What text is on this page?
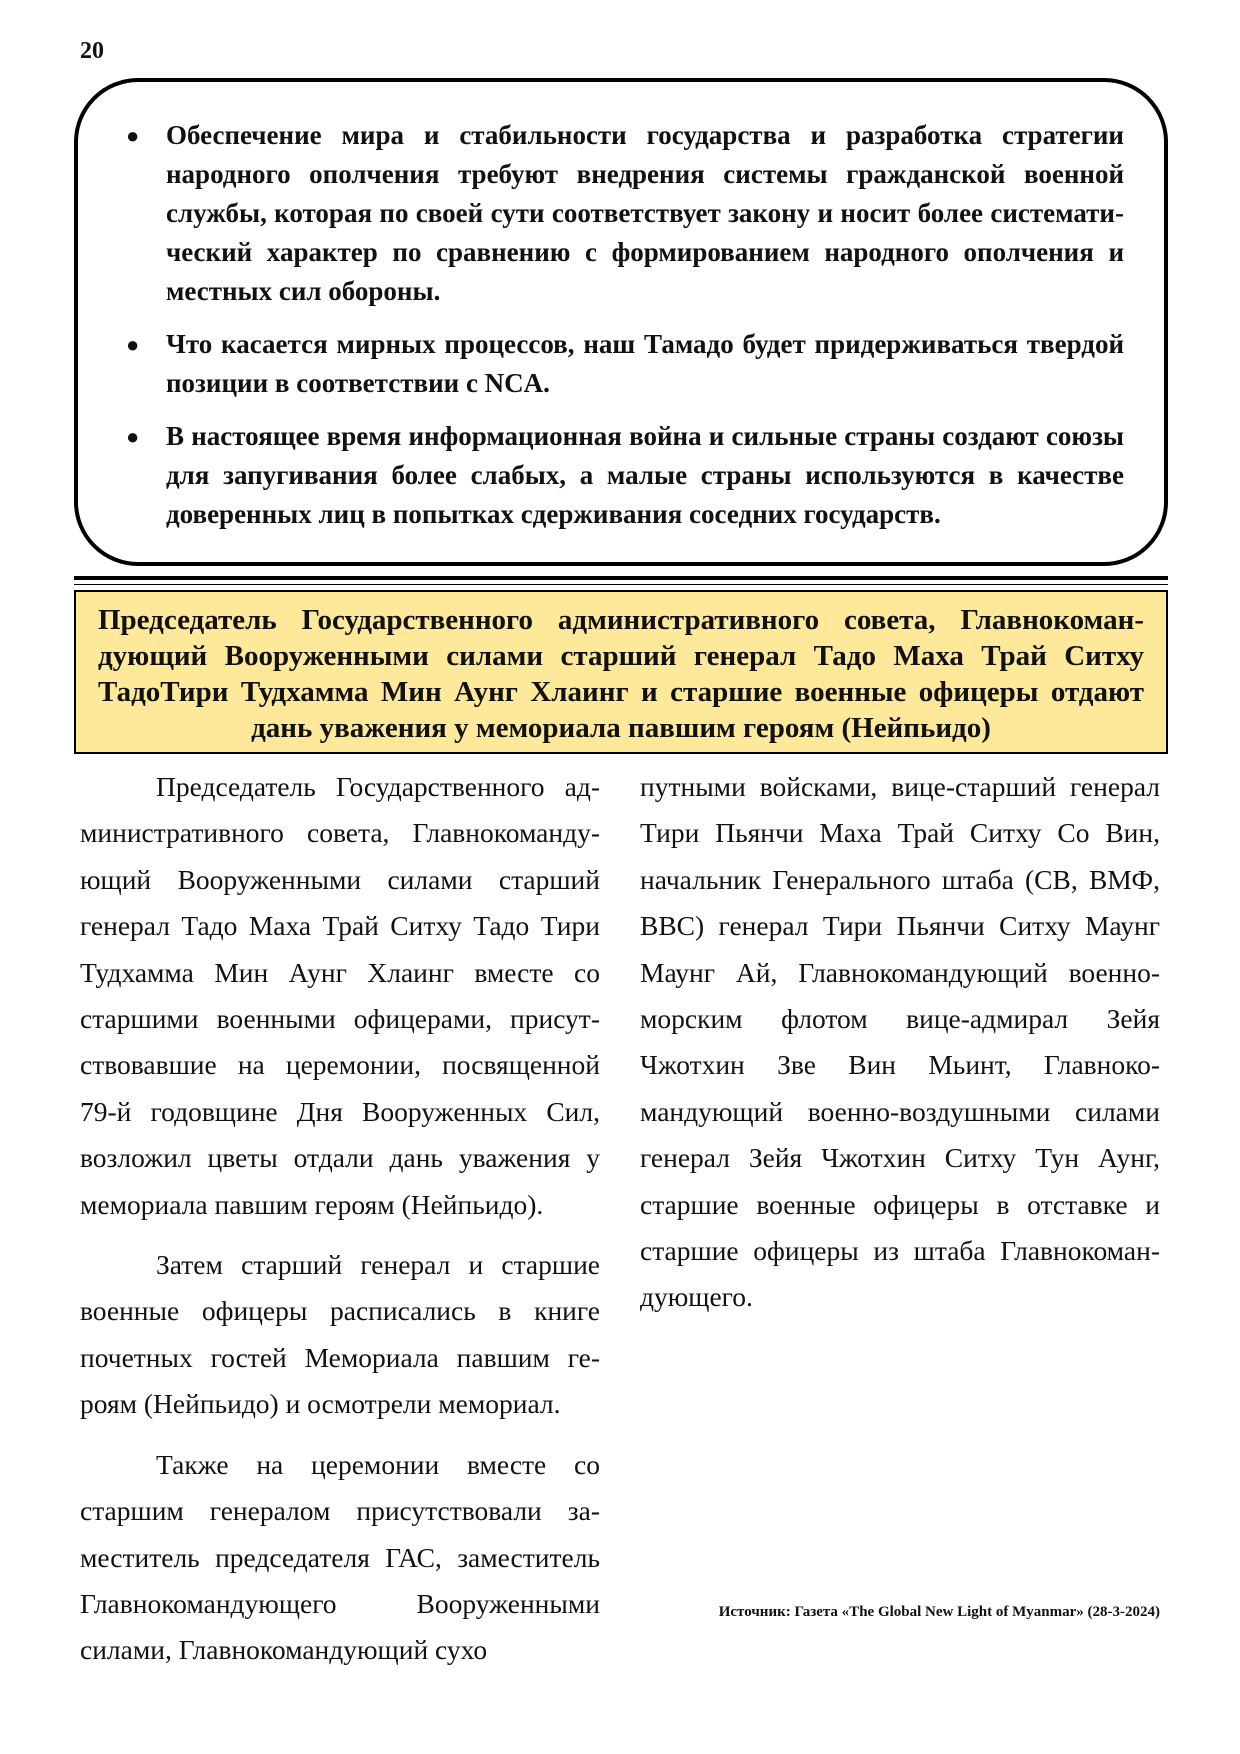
20
● Обеспечение мира и стабильности государства и разработка стратегии народного ополчения требуют внедрения системы гражданской военной службы, которая по своей сути соответствует закону и носит более систематический характер по сравнению с формированием народного ополчения и местных сил обороны.
● Что касается мирных процессов, наш Тамадо будет придерживаться твердой позиции в соответствии с NCA.
● В настоящее время информационная война и сильные страны создают союзы для запугивания более слабых, а малые страны используются в качестве доверенных лиц в попытках сдерживания соседних государств.
Председатель Государственного административного совета, Главнокомандующий Вооруженными силами старший генерал Тадо Маха Трай Ситху ТадоТири Тудхамма Мин Аунг Хлаинг и старшие военные офицеры отдают дань уважения у мемориала павшим героям (Нейпьидо)

Председатель Государственного административного совета, Главнокомандующий Вооруженными силами старший генерал Тадо Маха Трай Ситху Тадо Тири Тудхамма Мин Аунг Хлаинг вместе со старшими военными офицерами, присутствовавшие на церемонии, посвященной 79-й годовщине Дня Вооруженных Сил, возложил цветы отдали дань уважения у мемориала павшим героям (Нейпьидо).

Затем старший генерал и старшие военные офицеры расписались в книге почетных гостей Мемориала павшим героям (Нейпьидо) и осмотрели мемориал.

Также на церемонии вместе со старшим генералом присутствовали заместитель председателя ГАС, заместитель Главнокомандующего Вооруженными силами, Главнокомандующий сухо

путными войсками, вице-старший генерал Тири Пьянчи Маха Трай Ситху Со Вин, начальник Генерального штаба (СВ, ВМФ, ВВС) генерал Тири Пьянчи Ситху Маунг Маунг Ай, Главнокомандующий военно-морским флотом вице-адмирал Зейя Чжотхин Зве Вин Мьинт, Главнокомандующий военно-воздушными силами генерал Зейя Чжотхин Ситху Тун Аунг, старшие военные офицеры в отставке и старшие офицеры из штаба Главнокомандующего.

Источник: Газета «The Global New Light of Myanmar» (28-3-2024)
